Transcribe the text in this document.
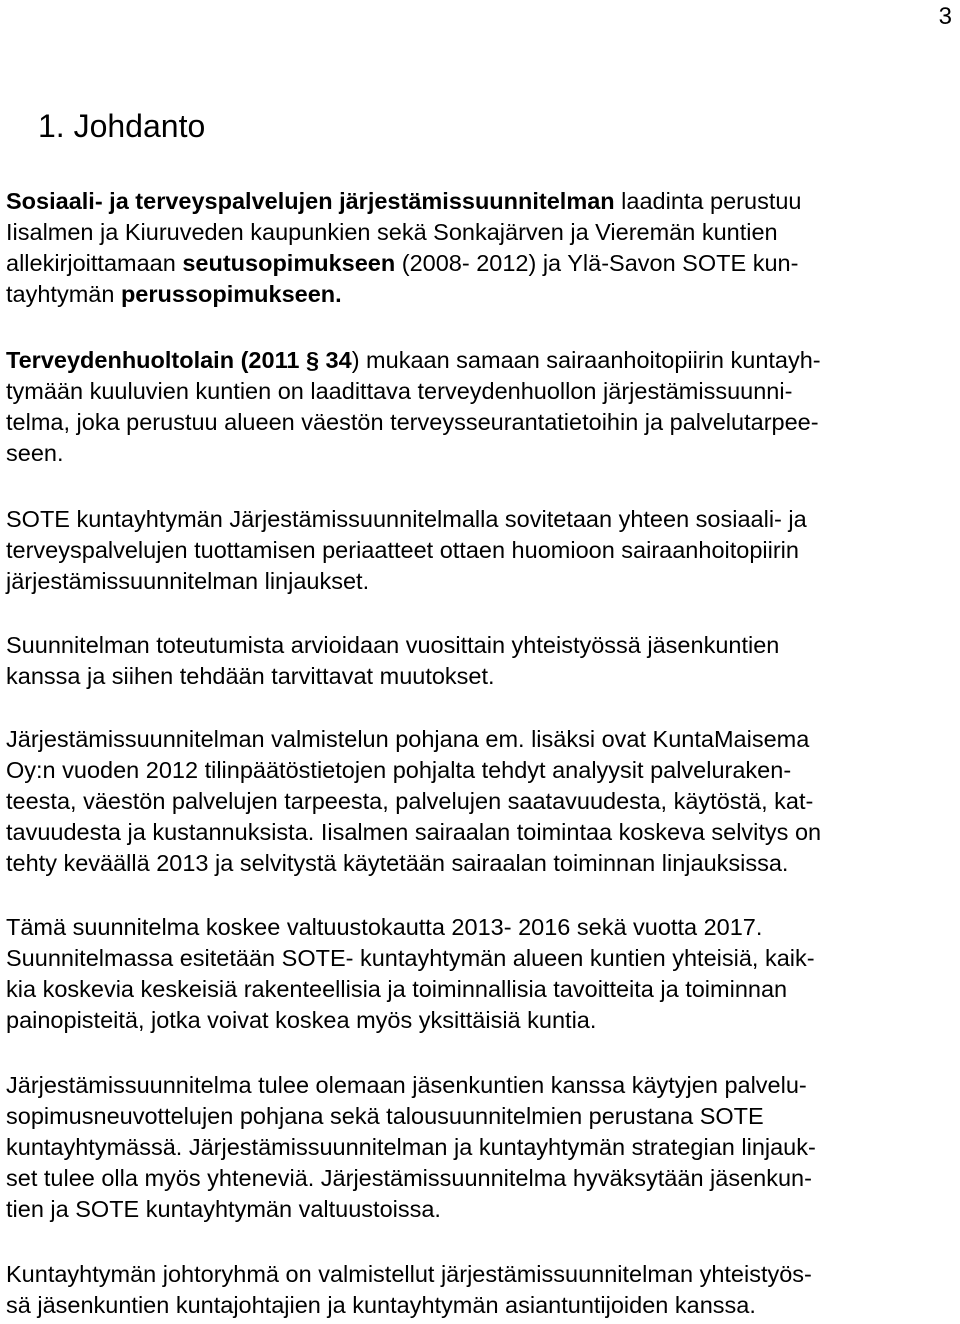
3
1. Johdanto

Sosiaali- ja terveyspalvelujen järjestämissuunnitelman laadinta perustuu
Iisalmen ja Kiuruveden kaupunkien sekä Sonkajärven ja Vieremän kuntien
allekirjoittamaan seutusopimukseen (2008- 2012) ja Ylä-Savon SOTE kun-
tayhtymän perussopimukseen.

Terveydenhuoltolain (2011 § 34) mukaan samaan sairaanhoitopiirin kuntayh-
tymään kuuluvien kuntien on laadittava terveydenhuollon järjestämissuunni-
telma, joka perustuu alueen väestön terveysseurantatietoihin ja palvelutarpee-
seen.

SOTE kuntayhtymän Järjestämissuunnitelmalla sovitetaan yhteen sosiaali- ja
terveyspalvelujen tuottamisen periaatteet ottaen huomioon sairaanhoitopiirin
järjestämissuunnitelman linjaukset.

Suunnitelman toteutumista arvioidaan vuosittain yhteistyössä jäsenkuntien
kanssa ja siihen tehdään tarvittavat muutokset.

Järjestämissuunnitelman valmistelun pohjana em. lisäksi ovat KuntaMaisema
Oy:n vuoden 2012 tilinpäätöstietojen pohjalta tehdyt analyysit palveluraken-
teesta, väestön palvelujen tarpeesta, palvelujen saatavuudesta, käytöstä, kat-
tavuudesta ja kustannuksista. Iisalmen sairaalan toimintaa koskeva selvitys on
tehty keväällä 2013 ja selvitystä käytetään sairaalan toiminnan linjauksissa.

Tämä suunnitelma koskee valtuustokautta 2013- 2016 sekä vuotta 2017.
Suunnitelmassa esitetään SOTE- kuntayhtymän alueen kuntien yhteisiä, kaik-
kia koskevia keskeisiä rakenteellisia ja toiminnallisia tavoitteita ja toiminnan
painopisteitä, jotka voivat koskea myös yksittäisiä kuntia.

Järjestämissuunnitelma tulee olemaan jäsenkuntien kanssa käytyjen palvelu-
sopimusneuvottelujen pohjana sekä talousuunnitelmien perustana SOTE
kuntayhtymässä. Järjestämissuunnitelman ja kuntayhtymän strategian linjauk-
set tulee olla myös yhteneviä. Järjestämissuunnitelma hyväksytään jäsenkun-
tien ja SOTE kuntayhtymän valtuustoissa.

Kuntayhtymän johtoryhmä on valmistellut järjestämissuunnitelman yhteistyös-
sä jäsenkuntien kuntajohtajien ja kuntayhtymän asiantuntijoiden kanssa.
